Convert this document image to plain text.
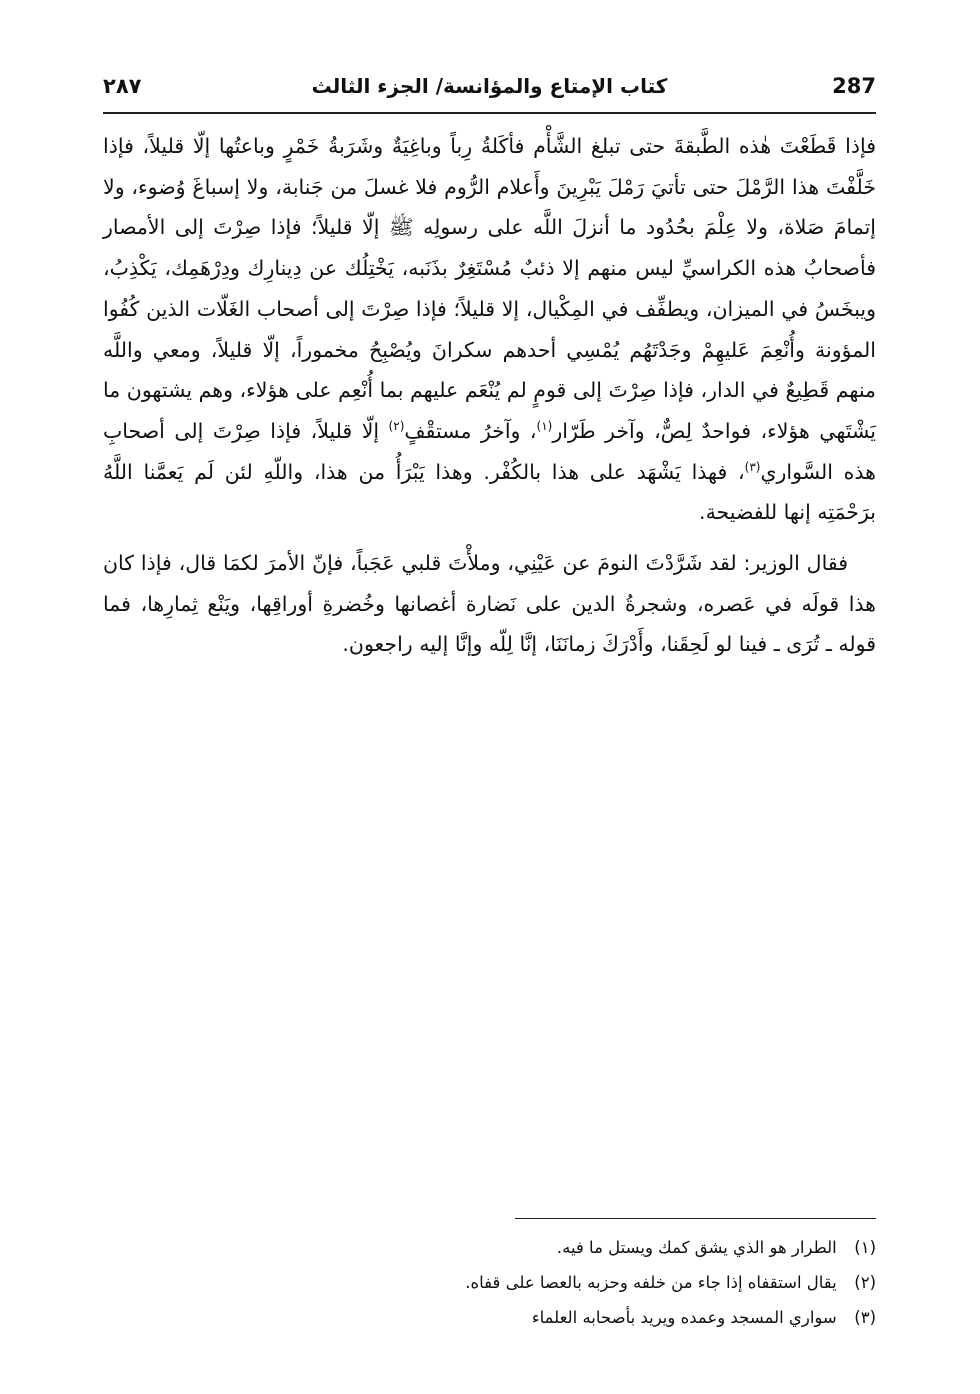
287
كتاب الإمتاع والمؤانسة/ الجزء الثالث
٢٨٧

فإذا قَطَعْتَ هٰذه الطَّبقةَ حتى تبلغ الشَّأْم فأكَلةُ رِباً وباغِيَةٌ وشَرَبةُ خَمْرٍ وباعتُها إلّا قليلاً، فإذا خَلَّفْتَ هذا الرَّمْلَ حتى تأتيَ رَمْلَ يَبْرِينَ وأَعلام الرُّوم فلا غسلَ من جَنابة، ولا إسباغَ وُضوء، ولا إتمامَ صَلاة، ولا عِلْمَ بحُدُود ما أنزلَ اللَّه على رسولِه ﷺ إلّا قليلاً؛ فإذا صِرْتَ إلى الأمصار فأصحابُ هذه الكراسيِّ ليس منهم إلا ذئبٌ مُسْتَغِرٌ بذَنَبه، يَخْتِلُك عن دِينارِك ودِرْهَمِك، يَكْذِبُ، ويبخَسُ في الميزان، ويطفِّف في المِكْيال، إلا قليلاً؛ فإذا صِرْتَ إلى أصحاب الغَلّات الذين كُفُوا المؤونة وأُنْعِمَ عَليهِمْ وجَدْتَهُم يُمْسِي أحدهم سكرانَ ويُصْبِحُ مخموراً، إلّا قليلاً، ومعي واللَّه منهم قَطِيعٌ في الدار، فإذا صِرْتَ إلى قومٍ لم يُنْعَم عليهم بما أُنْعِم على هؤلاء، وهم يشتهون ما يَشْتَهي هؤلاء، فواحدٌ لِصٌّ، وآخر طَرّار$^{(١)}$، وآخرُ مستقْفٍ$^{(٢)}$ إلّا قليلاً، فإذا صِرْتَ إلى أصحابِ هذه السَّواري$^{(٣)}$، فهذا يَشْهَد على هذا بالكُفْر. وهذا يَبْرَأُ من هذا، واللّهِ لئن لَم يَعمَّنا اللَّهُ برَحْمَتِه إنها للفضيحة.

فقال الوزير: لقد شَرَّدْتَ النومَ عن عَيْنِي، وملأْتَ قلبي عَجَباً، فإنّ الأمرَ لكمَا قال، فإذا كان هذا قولَه في عَصره، وشجرةُ الدين على نَضارة أغصانها وخُضرةِ أوراقِها، ويَنْع ثِمارِها، فما قوله ـ تُرَى ـ فينا لو لَحِقَنا، وأَدْرَكَ زمانَنَا، إنَّا لِلّه وإنَّا إليه راجعون.

(١) الطرار هو الذي يشق كمك ويستل ما فيه.
(٢) يقال استقفاه إذا جاء من خلفه وحزبه بالعصا على قفاه.
(٣) سواري المسجد وعمده ويريد بأصحابه العلماء
